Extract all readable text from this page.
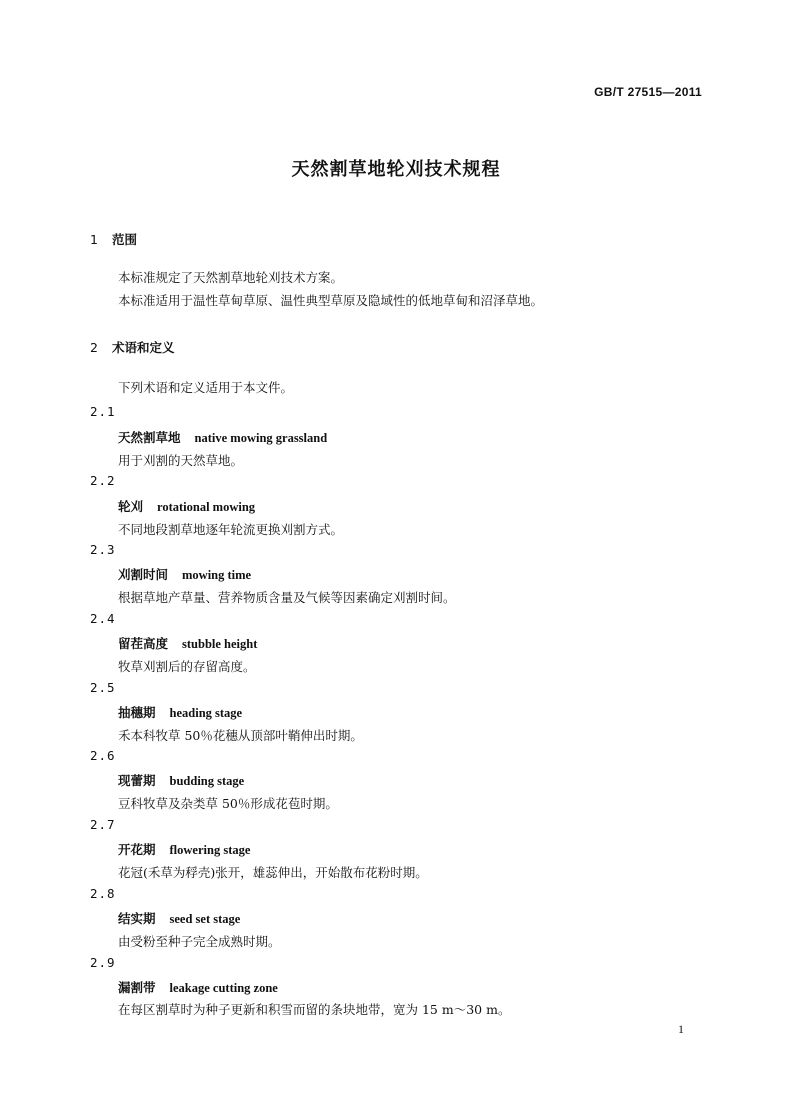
GB/T 27515—2011
天然割草地轮刈技术规程
1 范围
本标准规定了天然割草地轮刈技术方案。
本标准适用于温性草甸草原、温性典型草原及隐域性的低地草甸和沼泽草地。
2 术语和定义
下列术语和定义适用于本文件。
2.1
天然割草地 native mowing grassland
用于刈割的天然草地。
2.2
轮刈 rotational mowing
不同地段割草地逐年轮流更换刈割方式。
2.3
刈割时间 mowing time
根据草地产草量、营养物质含量及气候等因素确定刈割时间。
2.4
留茬高度 stubble height
牧草刈割后的存留高度。
2.5
抽穗期 heading stage
禾本科牧草 50％花穗从顶部叶鞘伸出时期。
2.6
现蕾期 budding stage
豆科牧草及杂类草 50％形成花苞时期。
2.7
开花期 flowering stage
花冠(禾草为稃壳)张开，雄蕊伸出，开始散布花粉时期。
2.8
结实期 seed set stage
由受粉至种子完全成熟时期。
2.9
漏割带 leakage cutting zone
在每区割草时为种子更新和积雪而留的条块地带，宽为 15 m～30 m。
1
